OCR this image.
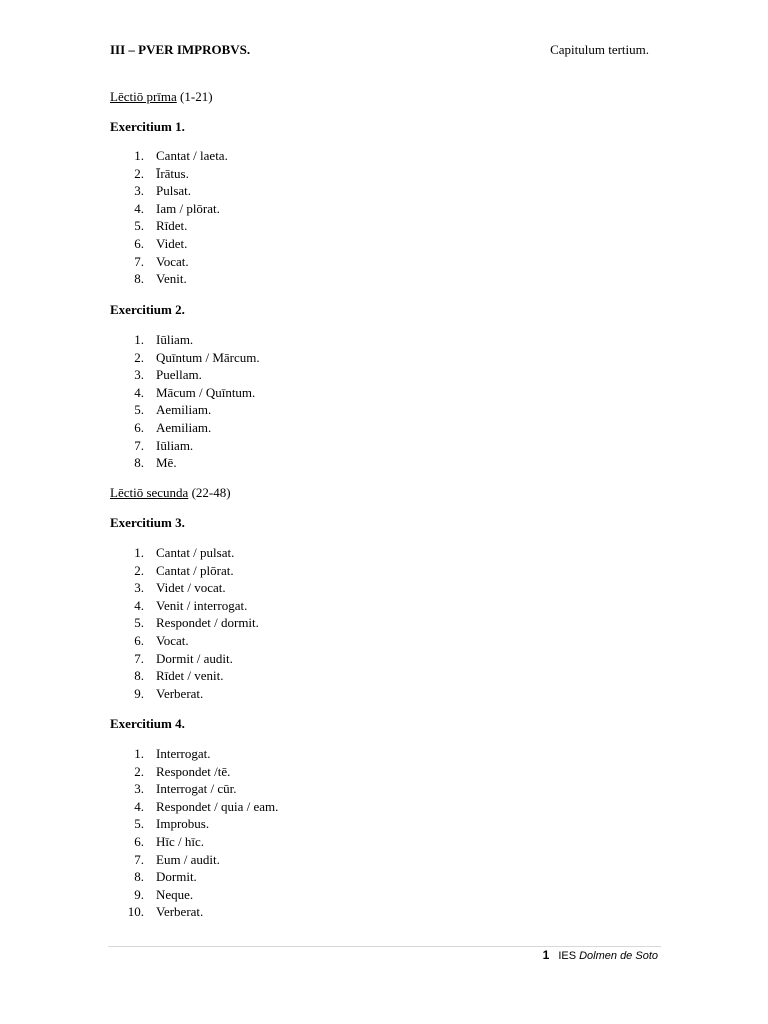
III – PVER IMPROBVS.	Capitulum tertium.
Lēctiō prīma (1-21)
Exercitium 1.
1. Cantat / laeta.
2. Īrātus.
3. Pulsat.
4. Iam / plōrat.
5. Rīdet.
6. Videt.
7. Vocat.
8. Venit.
Exercitium 2.
1. Iūliam.
2. Quīntum / Mārcum.
3. Puellam.
4. Mācum / Quīntum.
5. Aemiliam.
6. Aemiliam.
7. Iūliam.
8. Mē.
Lēctiō secunda (22-48)
Exercitium 3.
1. Cantat / pulsat.
2. Cantat / plōrat.
3. Videt / vocat.
4. Venit / interrogat.
5. Respondet / dormit.
6. Vocat.
7. Dormit / audit.
8. Rīdet / venit.
9. Verberat.
Exercitium 4.
1. Interrogat.
2. Respondet /tē.
3. Interrogat / cūr.
4. Respondet / quia / eam.
5. Improbus.
6. Hīc / hīc.
7. Eum / audit.
8. Dormit.
9. Neque.
10. Verberat.
1 IES Dolmen de Soto
